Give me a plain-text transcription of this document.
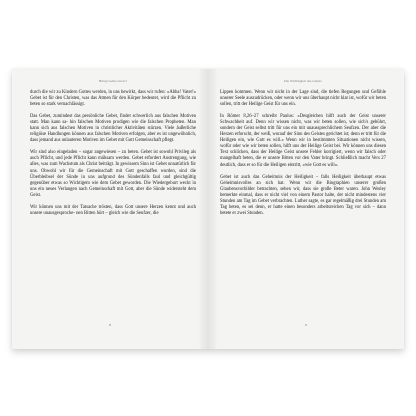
Bringt Gebet etwas?

durch die wir zu Kindern Gottes werden, in uns bewirkt, dass wir rufen: »Abba! Vater!« Gebet ist für den Christen, was das Atmen für den Körper bedeutet, wird die Pflicht zu beten so stark vernachlässigt.

Das Gebet, zumindest das persönliche Gebet, findet schwerlich aus falschen Motiven statt. Man kann sa- hin falschen Motiven prodigen wie die falschen Propheten. Man kann sich aus falschen Motiven in christlicher Aktivitäten stürzen. Viele äußerliche religiöse Handlungen können aus falschen Motiven erfolgen, aber es ist ungewöhnlich, dass jemand aus unlauteren Motiven im Gebet mit Gott Gemeinschaft pflegt.

Wir sind also eingeladen – sogar angewiesen – zu beten. Gebet ist sowohl Privileg als auch Pflicht, und jede Pflicht kann mühsam werden. Gebet erfordert Anstrengung, wie alles, was zum Wachstum als Christ beiträgt. In gewissem Sinn ist Gebet unnatürlich für uns. Obwohl wir für die Gemeinschaft mit Gott geschaffen wurden, sind die Überbleibsel der Sünde in uns aufgrund des Sündenfalls faul und gleichgültig gegenüber etwas so Wichtigem wie dem Gebet geworden. Die Wiedergeburt weckt in uns ein neues Verlangen nach Gemeinschaft mit Gott, aber die Sünde widersteht dem Geist.

Wir können uns mit der Tatsache trösten, dass Gott unsere Herzen kennt und auch unsere unausgesproche- nen Bitten hört – gleich wie die Seufzer, die

8
Die Wichtigkeit des Gebets

Lippen kommen. Wenn wir nicht in der Lage sind, die tiefen Regungen und Gefühle unserer Seele auszudrücken, oder wenn wir uns überhaupt nicht klar ist, wofür wir beten sollen, tritt der Heilige Geist für uns ein.

In Römer 8,26–27 schreibt Paulus: »Desgleichen hilft auch der Geist unserer Schwachheit auf. Denn wir wissen nicht, was wir beten sollen, wie sich's gebührt, sondern der Geist selbst tritt für uns ein mit unaussprechlichem Seufzen. Der aber die Herzen erforscht, der weiß, worauf der Sinn des Geistes gerichtet ist; denn er tritt für die Heiligen ein, wie Gott es will.« Wenn wir in bestimmten Situationen nicht wissen, wofür oder wie wir beten sollen, hilft uns der Heilige Geist bei. Wir können uns diesen Text schlicken, dass der Heilige Geist unsere Fehler korrigiert, wenn wir falsch oder mangelhaft beten, die er unsere Bitten vor den Vater bringt. Schließlich macht Vers 27 deutlich, dass er so für die Heiligen eintritt, »wie Gott es will«.

Gebet ist auch das Geheimnis der Heiligkeit – falls Heiligkeit überhaupt etwas Geheimnisvolles an sich hat. Wenn wir die Biographien unserer großen Glaubensvorbilder betrachten, sehen wir, dass sie große Beter waren. John Wesley bemerkte einmal, dass er nicht viel von einem Pastor halte, der nicht mindestens vier Stunden am Tag im Gebet verbrachten. Luther sagte, es gar regelmäßig drei Stunden am Tag beten, es sei denn, er hatte einen besonders arbeitsreichen Tag vor sich – dann betete er zwei Stunden.

9
